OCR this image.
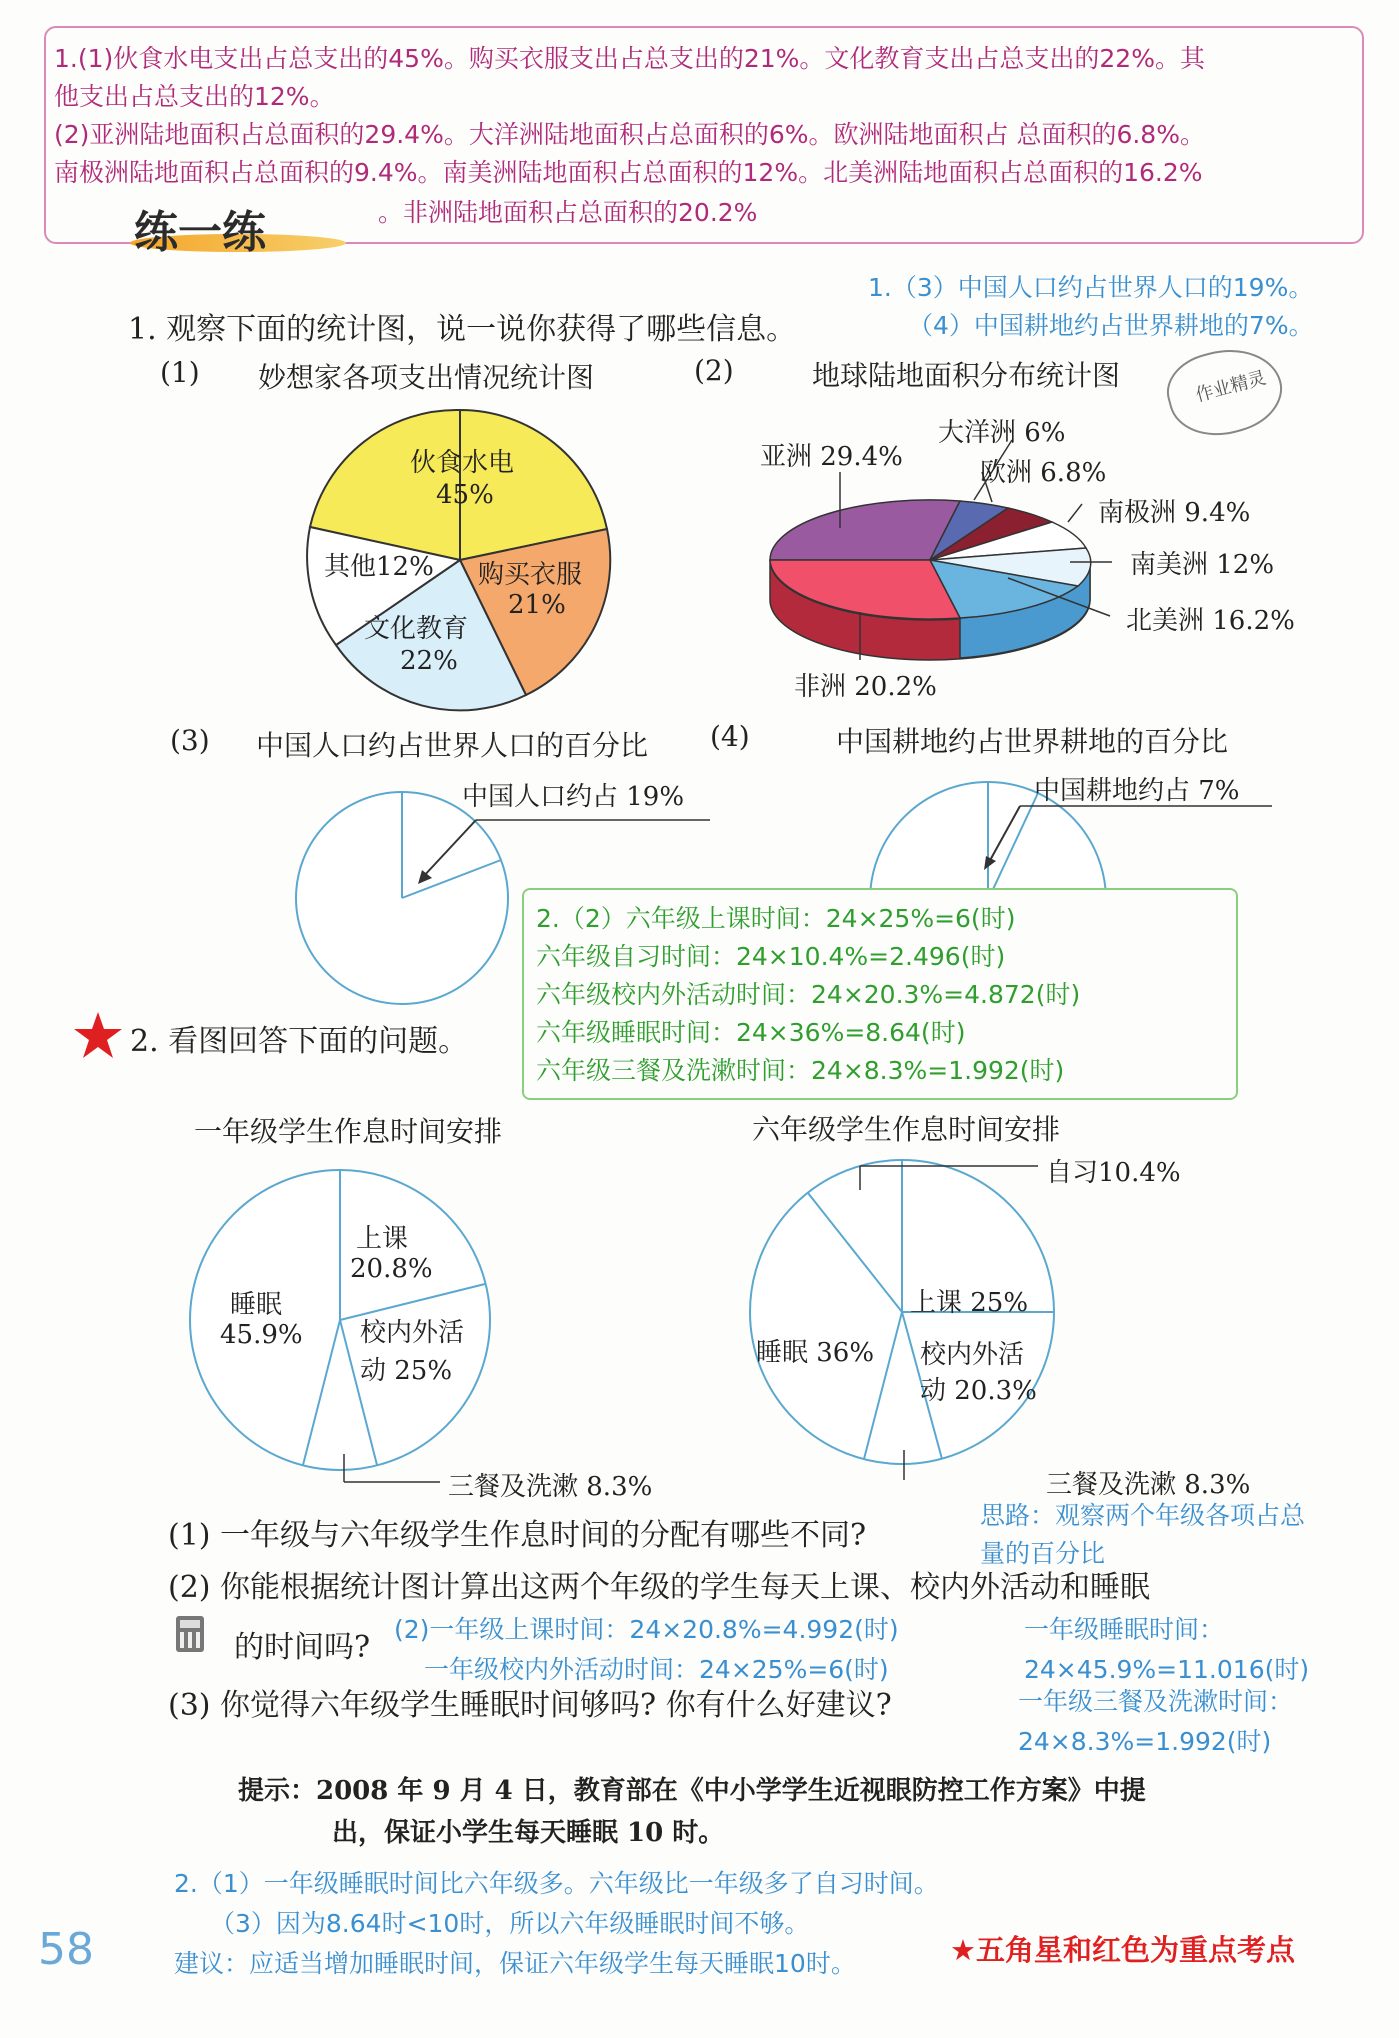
1.(1)伙食水电支出占总支出的45%。购买衣服支出占总支出的21%。文化教育支出占总支出的22%。其
他支出占总支出的12%。
(2)亚洲陆地面积占总面积的29.4%。大洋洲陆地面积占总面积的6%。欧洲陆地面积占 总面积的6.8%。
南极洲陆地面积占总面积的9.4%。南美洲陆地面积占总面积的12%。北美洲陆地面积占总面积的16.2%
。非洲陆地面积占总面积的20.2%
练一练
1.（3）中国人口约占世界人口的19%。
（4）中国耕地约占世界耕地的7%。
1. 观察下面的统计图，说一说你获得了哪些信息。
作业精灵
(1) 妙想家各项支出情况统计图	(2)	地球陆地面积分布统计图
伙食水电
45%
其他12% 购买衣服
21%
文化教育
22%
亚洲 29.4%
大洋洲 6%
欧洲 6.8%
南极洲 9.4%
南美洲 12%
北美洲 16.2%
非洲 20.2%
(3) 中国人口约占世界人口的百分比 (4)	中国耕地约占世界耕地的百分比
中国人口约占 19%	中国耕地约占 7%
2.（2）六年级上课时间：24×25%=6(时)
六年级自习时间：24×10.4%=2.496(时)
六年级校内外活动时间：24×20.3%=4.872(时)
六年级睡眠时间：24×36%=8.64(时)
六年级三餐及洗漱时间：24×8.3%=1.992(时)
2. 看图回答下面的问题。
一年级学生作息时间安排	六年级学生作息时间安排
上课
20.8%
睡眠
45.9% 校内外活
动 25%
三餐及洗漱 8.3%
自习10.4%
上课 25%
睡眠 36% 校内外活
动 20.3%
三餐及洗漱 8.3%
(1) 一年级与六年级学生作息时间的分配有哪些不同?
思路：观察两个年级各项占总
量的百分比
(2) 你能根据统计图计算出这两个年级的学生每天上课、校内外活动和睡眠
的时间吗?
(2)一年级上课时间：24×20.8%=4.992(时)	一年级睡眠时间：
一年级校内外活动时间：24×25%=6(时)	24×45.9%=11.016(时)
(3) 你觉得六年级学生睡眠时间够吗? 你有什么好建议?	一年级三餐及洗漱时间：
24×8.3%=1.992(时)
提示：2008 年 9 月 4 日，教育部在《中小学学生近视眼防控工作方案》中提
出，保证小学生每天睡眠 10 时。
2.（1）一年级睡眠时间比六年级多。六年级比一年级多了自习时间。
（3）因为8.64时<10时，所以六年级睡眠时间不够。
建议：应适当增加睡眠时间，保证六年级学生每天睡眠10时。
58	★五角星和红色为重点考点
